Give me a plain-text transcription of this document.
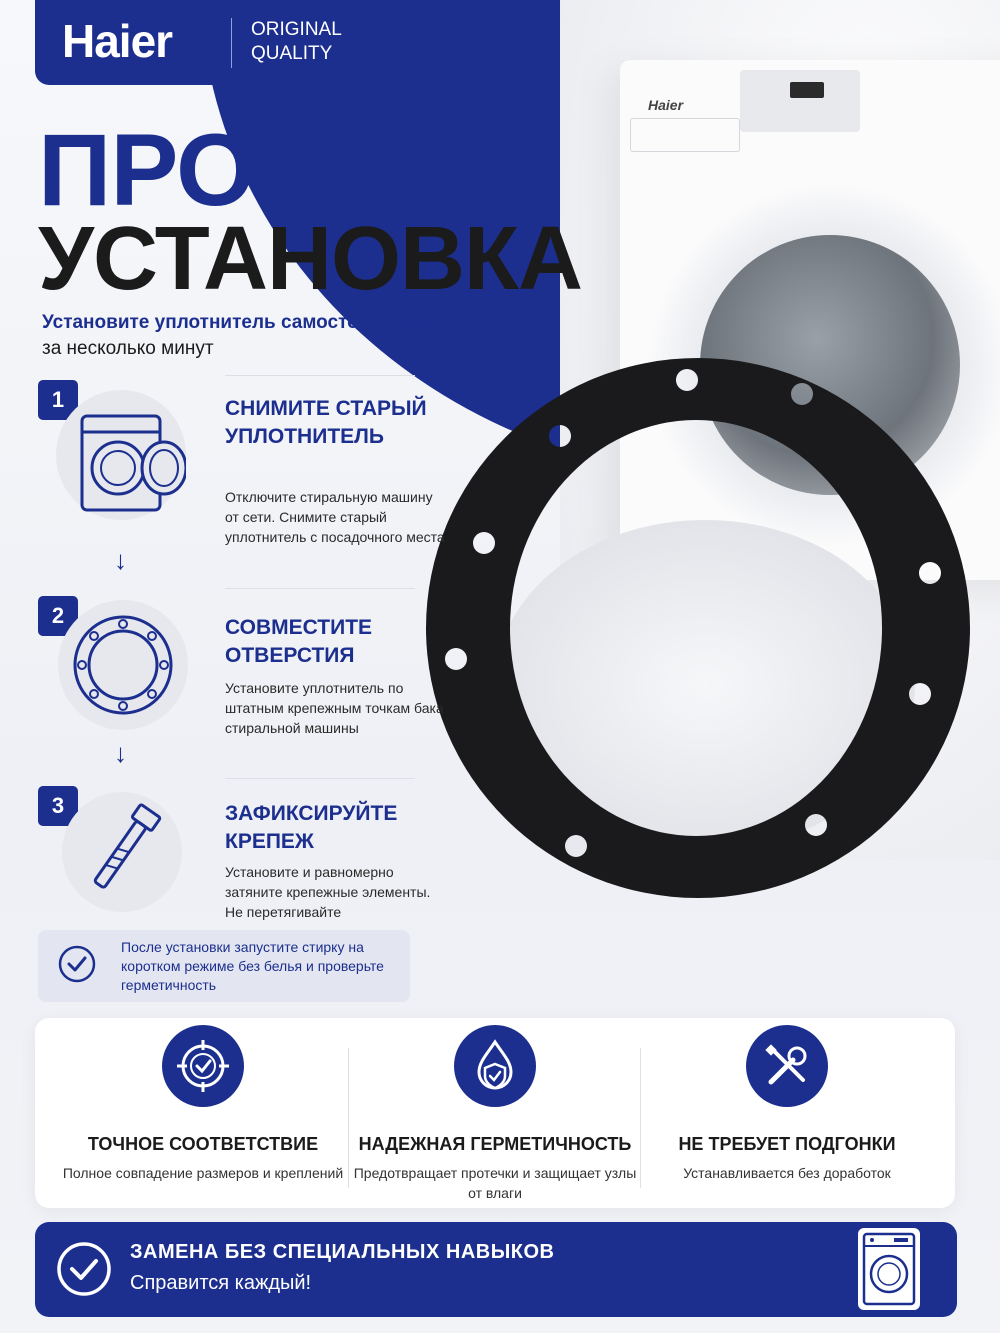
Haier
Haier	ORIGINAL QUALITY
ПРОСТАЯ
УСТАНОВКА
Установите уплотнитель самостоятельно
за несколько минут
1	СНИМИТЕ СТАРЫЙ УПЛОТНИТЕЛЬ
Отключите стиральную машину от сети. Снимите старый уплотнитель с посадочного места
↓
2	СОВМЕСТИТЕ ОТВЕРСТИЯ
Установите уплотнитель по штатным крепежным точкам бака стиральной машины
↓
3	ЗАФИКСИРУЙТЕ КРЕПЕЖ
Установите и равномерно затяните крепежные элементы. Не перетягивайте
После установки запустите стирку на коротком режиме без белья и проверьте герметичность
ТОЧНОЕ СООТВЕТСТВИЕ
Полное совпадение размеров и креплений
НАДЕЖНАЯ ГЕРМЕТИЧНОСТЬ
Предотвращает протечки и защищает узлы от влаги
НЕ ТРЕБУЕТ ПОДГОНКИ
Устанавливается без доработок
ЗАМЕНА БЕЗ СПЕЦИАЛЬНЫХ НАВЫКОВ
Справится каждый!
